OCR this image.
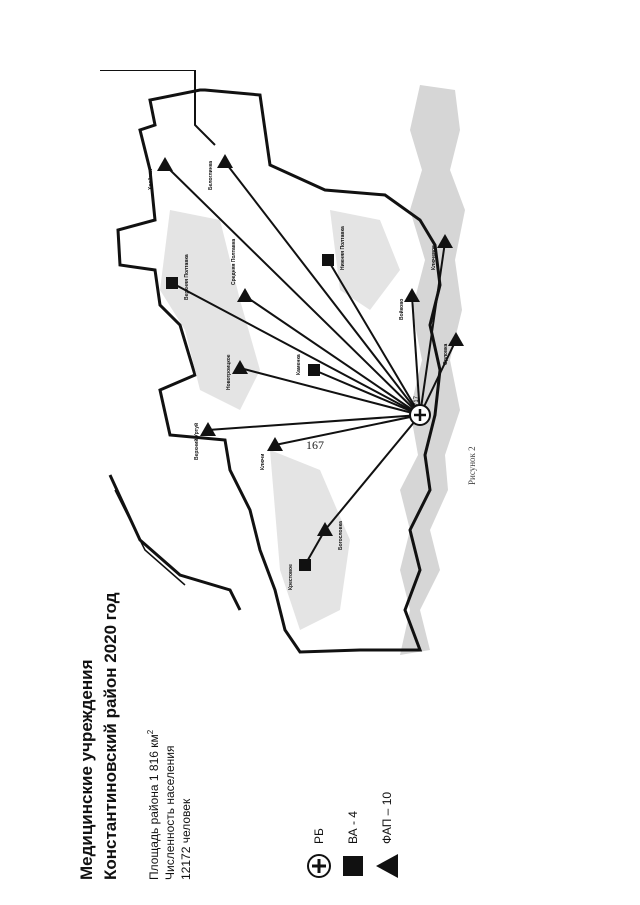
167
Медицинские учреждения Константиновский район 2020 год	Площадь района 1 816 $км^2$
Численность населения 12172 человек	РБ ВА - 4 ФАП – 10
717
Хвойная	Белоглинка
Верхняя Полтавка	Средняя Полтавка	Нижняя Полтавка
Новотроицкое	Каменка
Войково
Ключевое
Орловка
Верхний Уртуй
Ключи
Богословка
Крестовое
Рисунок 2
